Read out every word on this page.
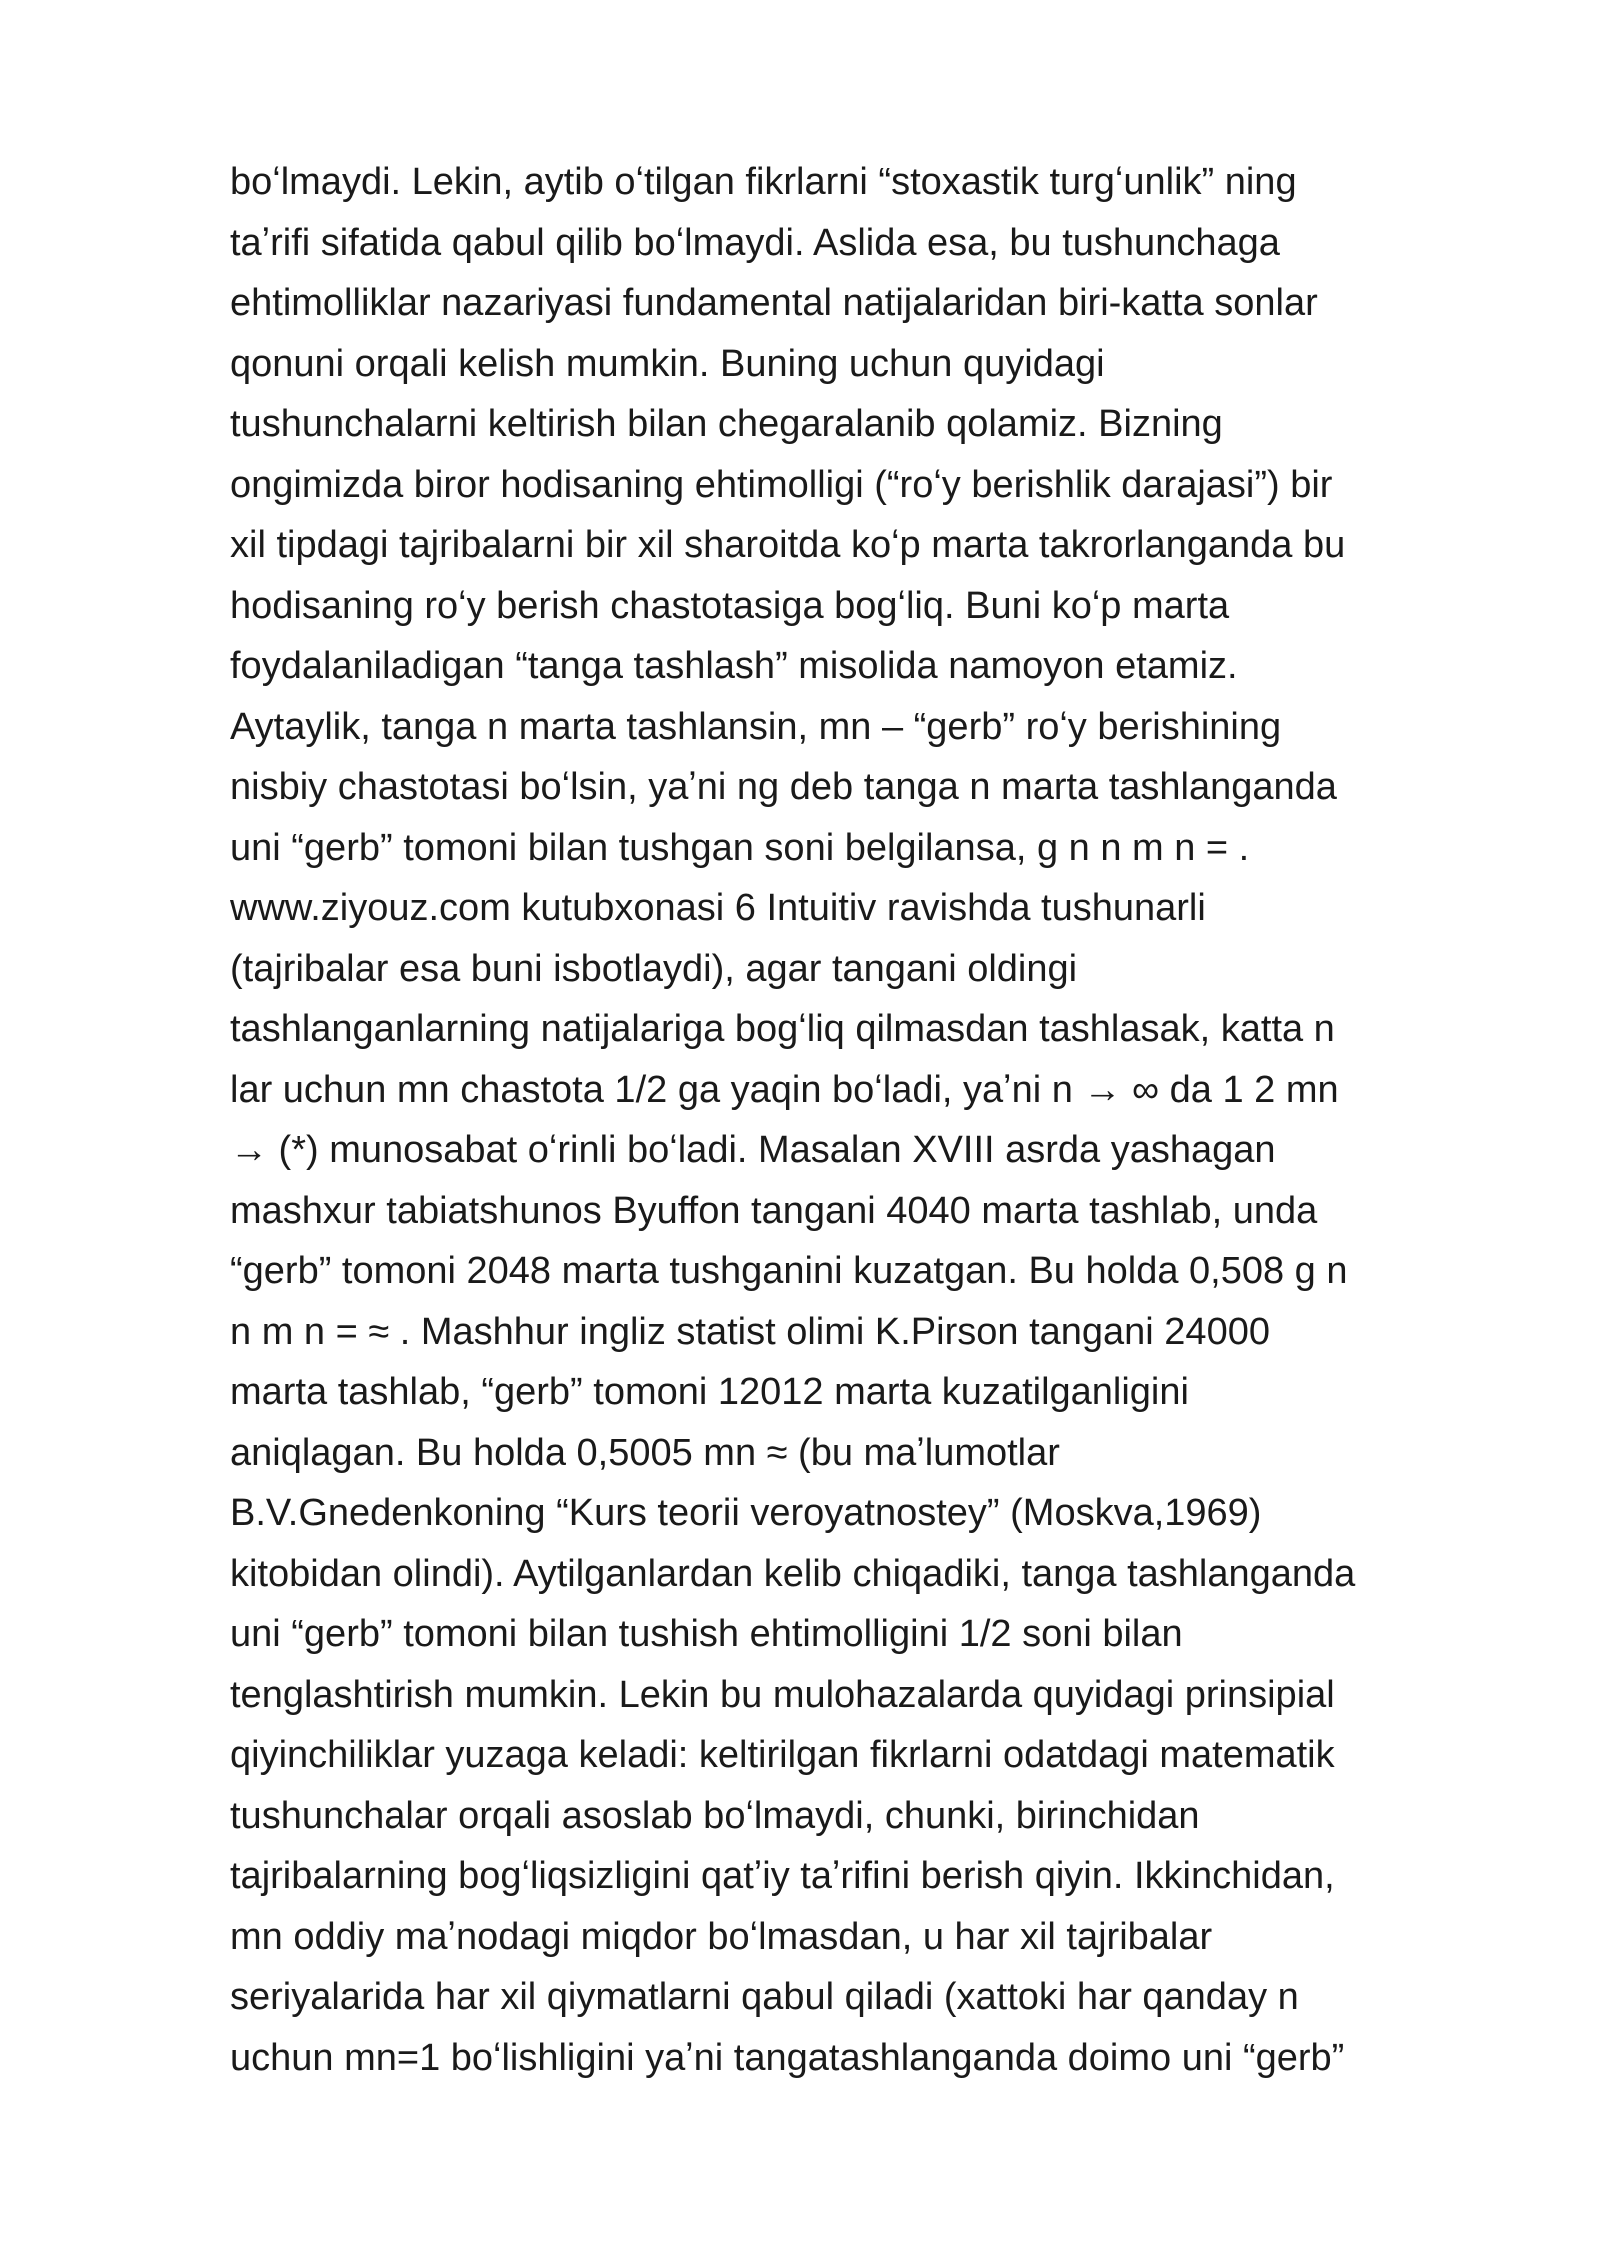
boʻlmaydi. Lekin, aytib oʻtilgan fikrlarni “stoxastik turgʻunlik” ning
taʼrifi sifatida qabul qilib boʻlmaydi. Aslida esa, bu tushunchaga
ehtimolliklar nazariyasi fundamental natijalaridan biri-katta sonlar
qonuni orqali kelish mumkin. Buning uchun quyidagi
tushunchalarni keltirish bilan chegaralanib qolamiz. Bizning
ongimizda biror hodisaning ehtimolligi (“roʻy berishlik darajasi”) bir
xil tipdagi tajribalarni bir xil sharoitda koʻp marta takrorlanganda bu
hodisaning roʻy berish chastotasiga bogʻliq. Buni koʻp marta
foydalaniladigan “tanga tashlash” misolida namoyon etamiz.
Aytaylik, tanga n marta tashlansin, mn – “gerb” roʻy berishining
nisbiy chastotasi boʻlsin, yaʼni ng deb tanga n marta tashlanganda
uni “gerb” tomoni bilan tushgan soni belgilansa, g n n m n = .
www.ziyouz.com kutubxonasi 6 Intuitiv ravishda tushunarli
(tajribalar esa buni isbotlaydi), agar tangani oldingi
tashlanganlarning natijalariga bogʻliq qilmasdan tashlasak, katta n
lar uchun mn chastota 1/2 ga yaqin boʻladi, yaʼni n → ∞ da 1 2 mn
→ (*) munosabat oʻrinli boʻladi. Masalan XVIII asrda yashagan
mashxur tabiatshunos Byuffon tangani 4040 marta tashlab, unda
“gerb” tomoni 2048 marta tushganini kuzatgan. Bu holda 0,508 g n
n m n = ≈ . Mashhur ingliz statist olimi K.Pirson tangani 24000
marta tashlab, “gerb” tomoni 12012 marta kuzatilganligini
aniqlagan. Bu holda 0,5005 mn ≈ (bu maʼlumotlar
B.V.Gnedenkoning “Kurs teorii veroyatnostey” (Moskva,1969)
kitobidan olindi). Aytilganlardan kelib chiqadiki, tanga tashlanganda
uni “gerb” tomoni bilan tushish ehtimolligini 1/2 soni bilan
tenglashtirish mumkin. Lekin bu mulohazalarda quyidagi prinsipial
qiyinchiliklar yuzaga keladi: keltirilgan fikrlarni odatdagi matematik
tushunchalar orqali asoslab boʻlmaydi, chunki, birinchidan
tajribalarning bogʻliqsizligini qatʼiy taʼrifini berish qiyin. Ikkinchidan,
mn oddiy maʼnodagi miqdor boʻlmasdan, u har xil tajribalar
seriyalarida har xil qiymatlarni qabul qiladi (xattoki har qanday n
uchun mn=1 boʻlishligini yaʼni tangatashlanganda doimo uni “gerb”
